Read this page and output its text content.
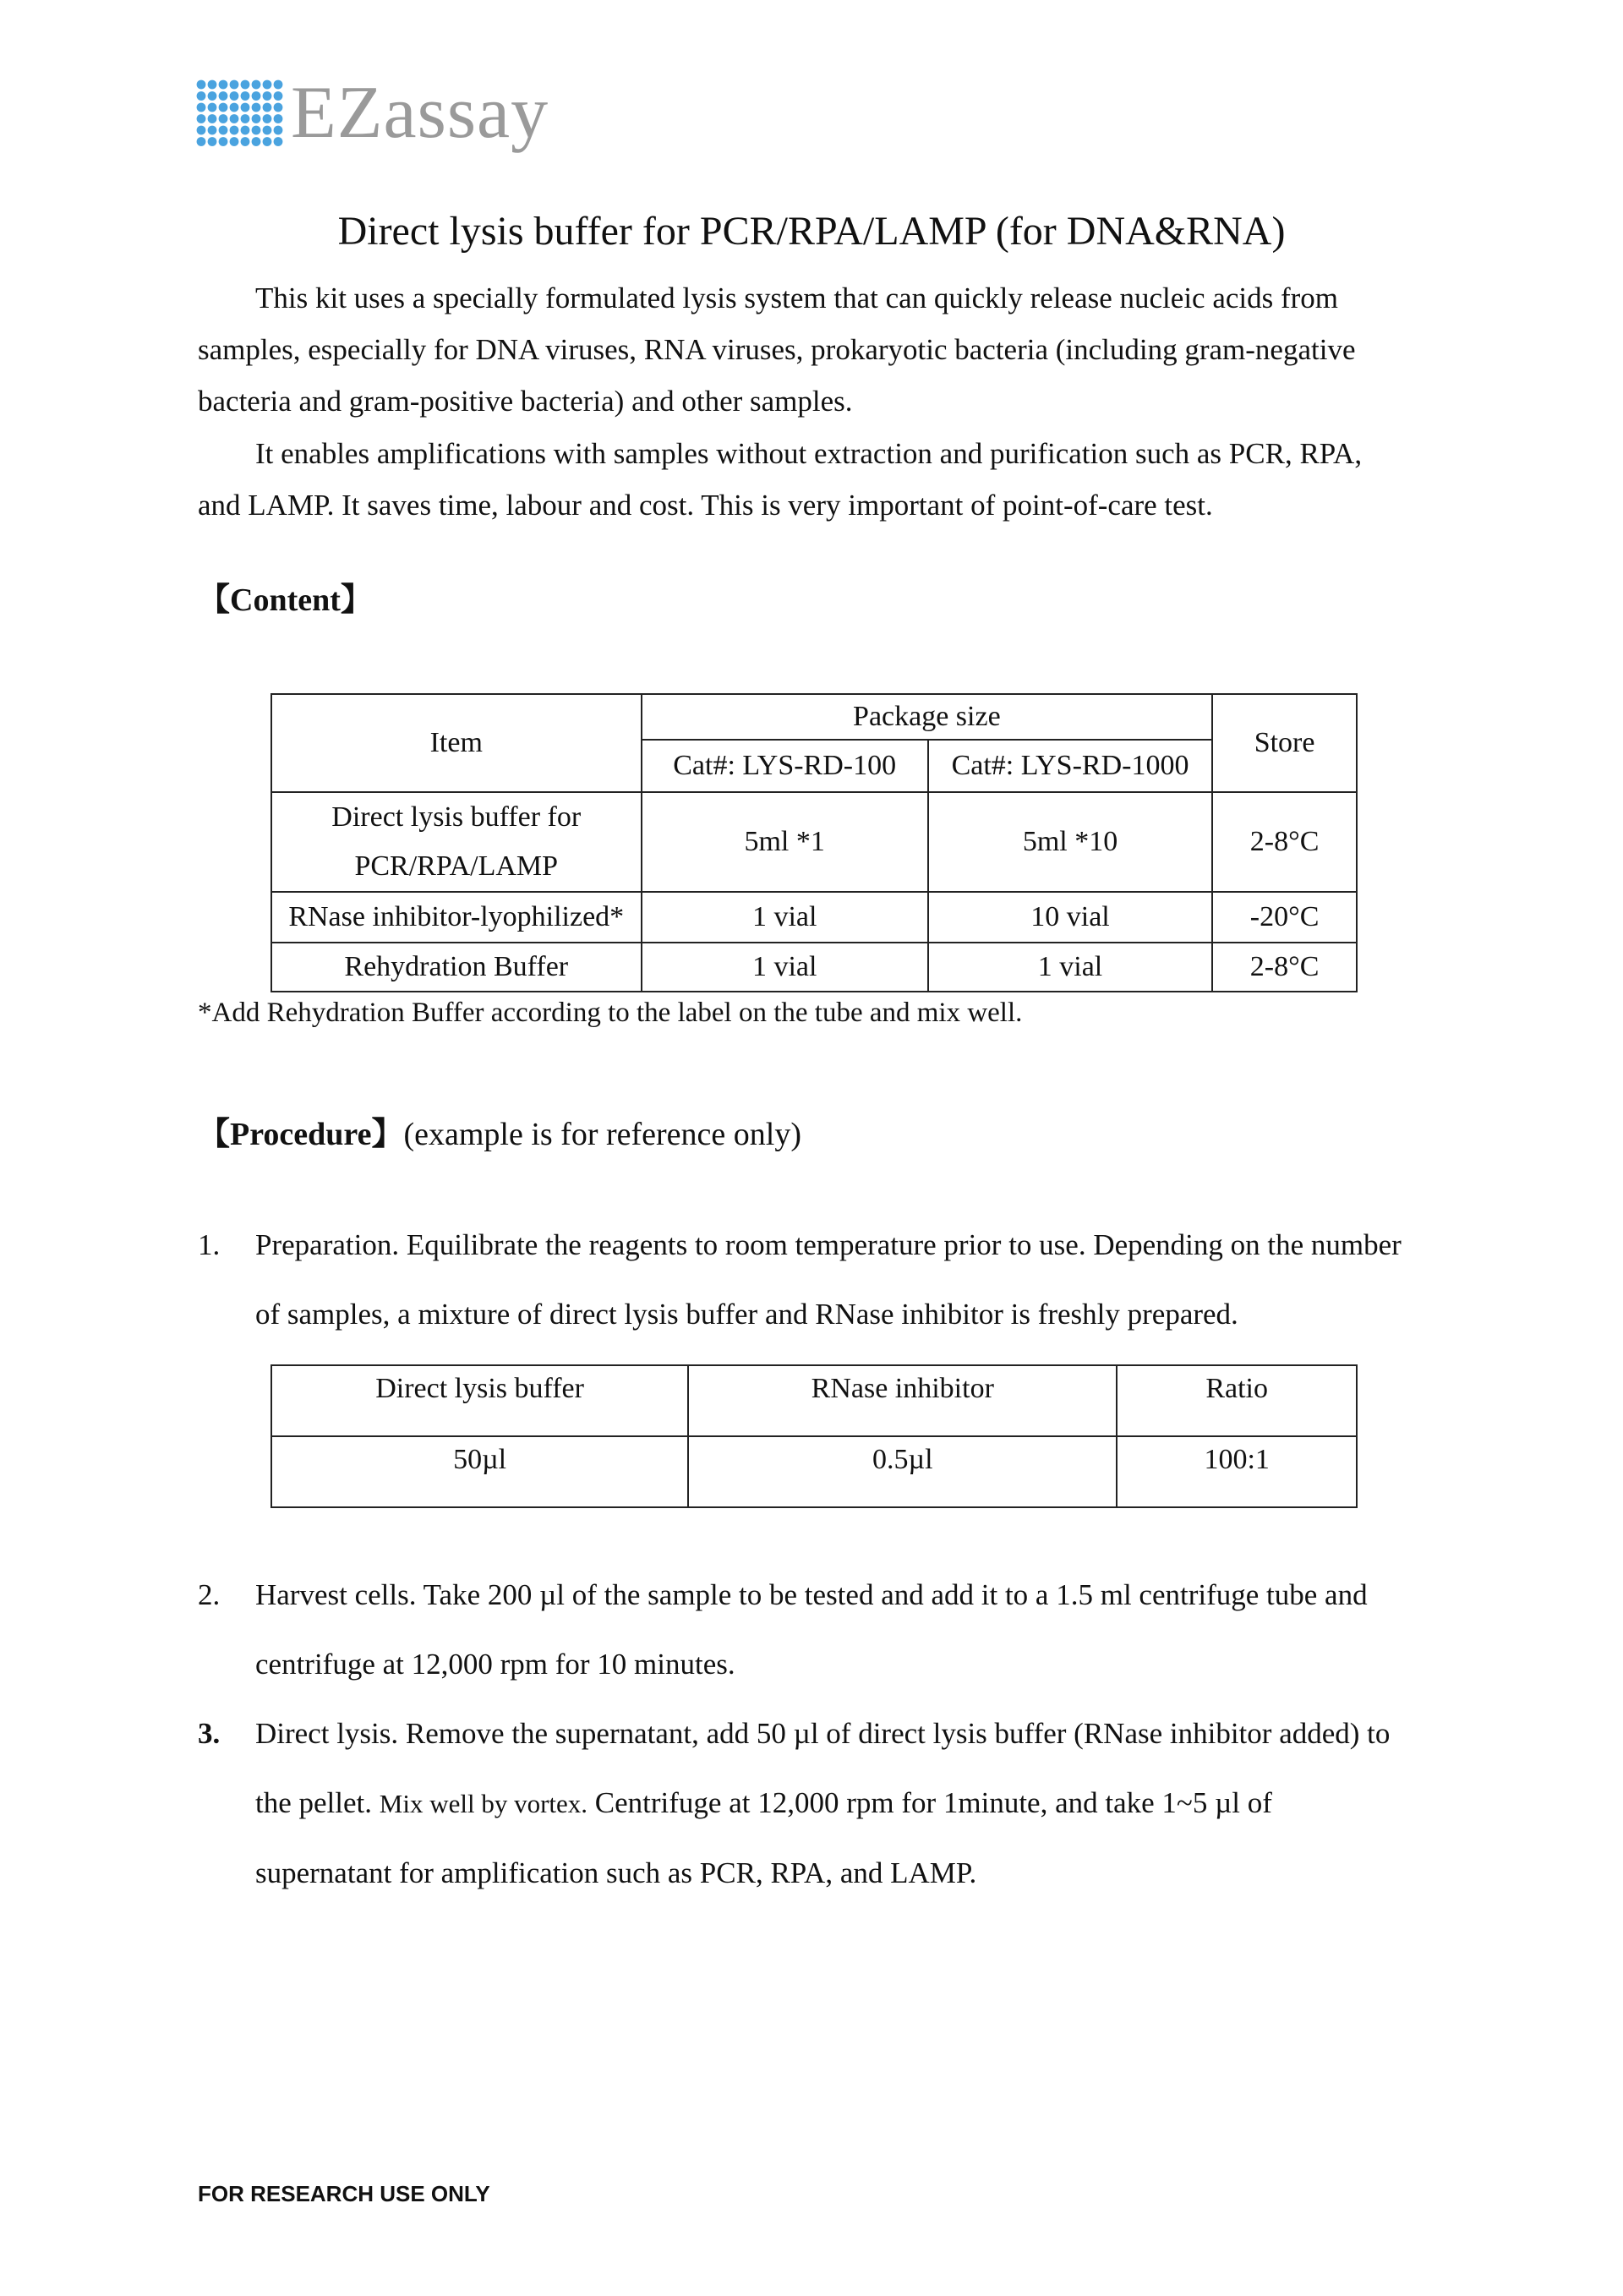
EZassay
Direct lysis buffer for PCR/RPA/LAMP (for DNA&RNA)
This kit uses a specially formulated lysis system that can quickly release nucleic acids from
samples, especially for DNA viruses, RNA viruses, prokaryotic bacteria (including gram-negative
bacteria and gram-positive bacteria) and other samples.
It enables amplifications with samples without extraction and purification such as PCR, RPA,
and LAMP. It saves time, labour and cost. This is very important of point-of-care test.
【Content】
Item	Package size		Store
	Cat#: LYS-RD-100	Cat#: LYS-RD-1000	

Direct lysis buffer for
PCR/RPA/LAMP	5ml *1	5ml *10	2-8°C
RNase inhibitor-lyophilized*	1 vial	10 vial	-20°C
Rehydration Buffer	1 vial	1 vial	2-8°C
*Add Rehydration Buffer according to the label on the tube and mix well.
【Procedure】(example is for reference only)
1. Preparation. Equilibrate the reagents to room temperature prior to use. Depending on the number
of samples, a mixture of direct lysis buffer and RNase inhibitor is freshly prepared.
Direct lysis buffer	RNase inhibitor	Ratio
50µl	0.5µl	100:1
2. Harvest cells. Take 200 µl of the sample to be tested and add it to a 1.5 ml centrifuge tube and
centrifuge at 12,000 rpm for 10 minutes.
3. Direct lysis. Remove the supernatant, add 50 µl of direct lysis buffer (RNase inhibitor added) to
the pellet. Mix well by vortex. Centrifuge at 12,000 rpm for 1minute, and take 1~5 µl of
supernatant for amplification such as PCR, RPA, and LAMP.
FOR RESEARCH USE ONLY
